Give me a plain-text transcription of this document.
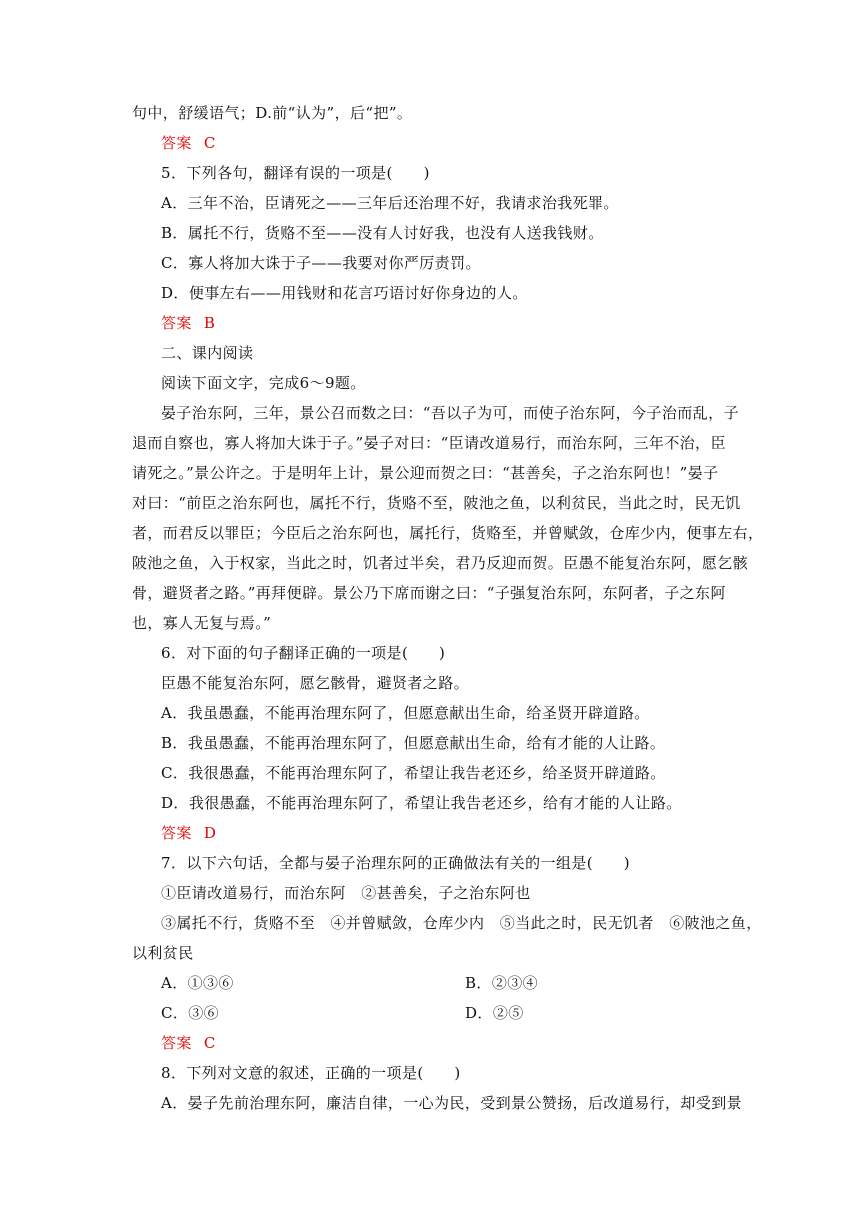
句中，舒缓语气；D.前“认为”，后“把”。
答案 C
5．下列各句，翻译有误的一项是(　　)
A．三年不治，臣请死之——三年后还治理不好，我请求治我死罪。
B．属托不行，货赂不至——没有人讨好我，也没有人送我钱财。
C．寡人将加大诛于子——我要对你严厉责罚。
D．便事左右——用钱财和花言巧语讨好你身边的人。
答案 B
二、课内阅读
阅读下面文字，完成6～9题。
晏子治东阿，三年，景公召而数之曰：“吾以子为可，而使子治东阿，今子治而乱，子
退而自察也，寡人将加大诛于子。”晏子对曰：“臣请改道易行，而治东阿，三年不治，臣
请死之。”景公许之。于是明年上计，景公迎而贺之曰：“甚善矣，子之治东阿也！”晏子
对曰：“前臣之治东阿也，属托不行，货赂不至，陂池之鱼，以利贫民，当此之时，民无饥
者，而君反以罪臣；今臣后之治东阿也，属托行，货赂至，并曾赋敛，仓库少内，便事左右，
陂池之鱼，入于权家，当此之时，饥者过半矣，君乃反迎而贺。臣愚不能复治东阿，愿乞骸
骨，避贤者之路。”再拜便辟。景公乃下席而谢之曰：“子强复治东阿，东阿者，子之东阿
也，寡人无复与焉。”
6．对下面的句子翻译正确的一项是(　　)
臣愚不能复治东阿，愿乞骸骨，避贤者之路。
A．我虽愚蠢，不能再治理东阿了，但愿意献出生命，给圣贤开辟道路。
B．我虽愚蠢，不能再治理东阿了，但愿意献出生命，给有才能的人让路。
C．我很愚蠢，不能再治理东阿了，希望让我告老还乡，给圣贤开辟道路。
D．我很愚蠢，不能再治理东阿了，希望让我告老还乡，给有才能的人让路。
答案 D
7．以下六句话，全都与晏子治理东阿的正确做法有关的一组是(　　)
①臣请改道易行，而治东阿　②甚善矣，子之治东阿也
③属托不行，货赂不至　④并曾赋敛，仓库少内　⑤当此之时，民无饥者　⑥陂池之鱼，
以利贫民
A．①③⑥	B．②③④
C．③⑥	D．②⑤
答案 C
8．下列对文意的叙述，正确的一项是(　　)
A．晏子先前治理东阿，廉洁自律，一心为民，受到景公赞扬，后改道易行，却受到景
